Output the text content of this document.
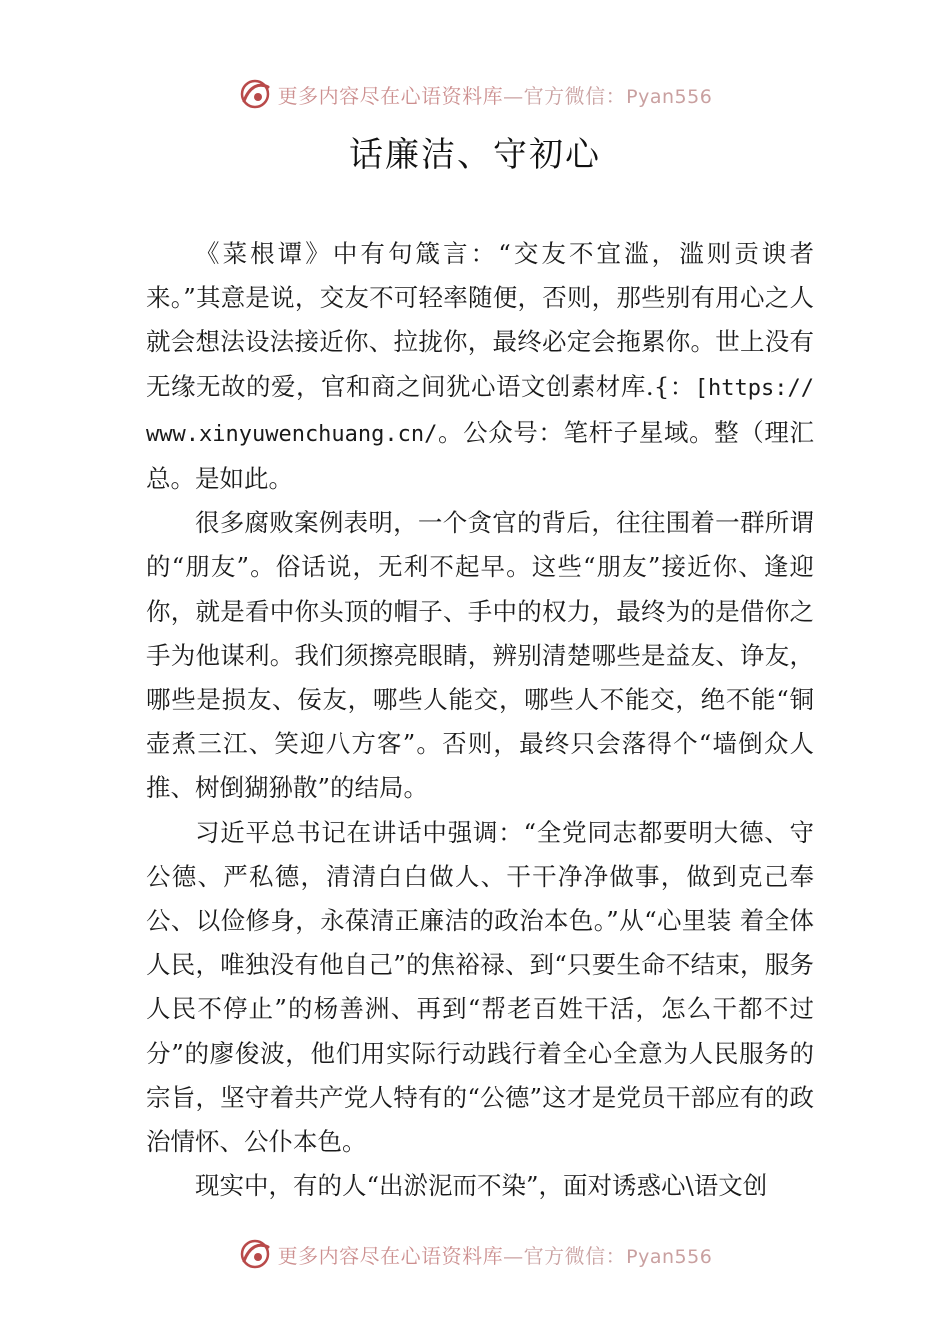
更多内容尽在心语资料库—官方微信：Pyan556
话廉洁、守初心

《菜根谭》中有句箴言：“交友不宜滥，滥则贡谀者来。”其意是说，交友不可轻率随便，否则，那些别有用心之人就会想法设法接近你、拉拢你，最终必定会拖累你。世上没有无缘无故的爱，官和商之间犹心语文创素材库.{：[https://www.xinyuwenchuang.cn/。公众号：笔杆子星域。整（理汇总。是如此。

很多腐败案例表明，一个贪官的背后，往往围着一群所谓的“朋友”。俗话说，无利不起早。这些“朋友”接近你、逢迎你，就是看中你头顶的帽子、手中的权力，最终为的是借你之手为他谋利。我们须擦亮眼睛，辨别清楚哪些是益友、诤友，哪些是损友、佞友，哪些人能交，哪些人不能交，绝不能“铜壶煮三江、笑迎八方客”。否则，最终只会落得个“墙倒众人推、树倒猢狲散”的结局。

习近平总书记在讲话中强调：“全党同志都要明大德、守公德、严私德，清清白白做人、干干净净做事，做到克己奉公、以俭修身，永葆清正廉洁的政治本色。”从“心里装 着全体人民，唯独没有他自己”的焦裕禄、到“只要生命不结束，服务人民不停止”的杨善洲、再到“帮老百姓干活，怎么干都不过分”的廖俊波，他们用实际行动践行着全心全意为人民服务的宗旨，坚守着共产党人特有的“公德”这才是党员干部应有的政治情怀、公仆本色。

现实中，有的人“出淤泥而不染”，面对诱惑心\语文创

更多内容尽在心语资料库—官方微信：Pyan556
